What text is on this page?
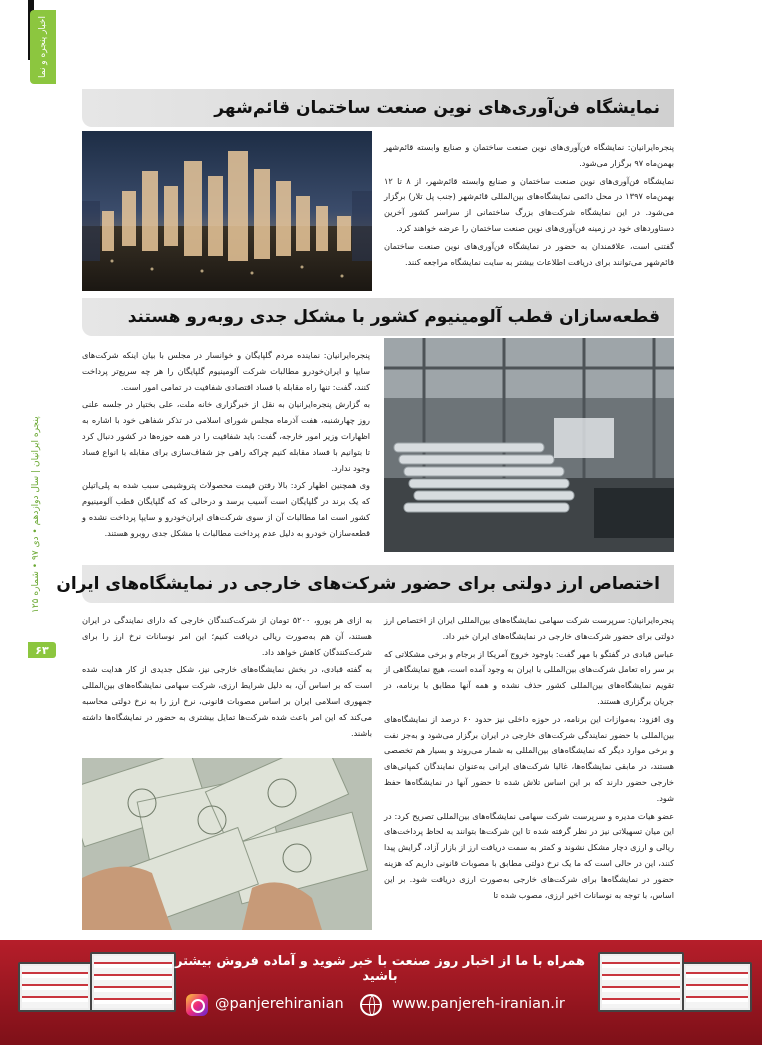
اخبار پنجره و نما
نمایشگاه فن‌آوری‌های نوین صنعت ساختمان قائم‌شهر

پنجره‌ایرانیان: نمایشگاه فن‌آوری‌های نوین صنعت ساختمان و صنایع وابسته قائم‌شهر بهمن‌ماه ۹۷ برگزار می‌شود.

نمایشگاه فن‌آوری‌های نوین صنعت ساختمان و صنایع وابسته قائم‌شهر، از ۸ تا ۱۲ بهمن‌ماه ۱۳۹۷ در محل دائمی نمایشگاه‌های بین‌المللی قائم‌شهر (جنب پل تلار) برگزار می‌شود. در این نمایشگاه شرکت‌های بزرگ ساختمانی از سراسر کشور آخرین دستاوردهای خود در زمینه فن‌آوری‌های نوین صنعت ساختمان را عرضه خواهند کرد.

گفتنی است، علاقمندان به حضور در نمایشگاه فن‌آوری‌های نوین صنعت ساختمان قائم‌شهر می‌توانند برای دریافت اطلاعات بیشتر به سایت نمایشگاه مراجعه کنند.

قطعه‌سازان قطب آلومینیوم کشور با مشکل جدی روبه‌رو هستند

پنجره‌ایرانیان: نماینده مردم گلپایگان و خوانسار در مجلس با بیان اینکه شرکت‌های سایپا و ایران‌خودرو مطالبات شرکت آلومینیوم گلپایگان را هر چه سریع‌تر پرداخت کنند، گفت: تنها راه مقابله با فساد اقتصادی شفافیت در تمامی امور است.

به گزارش پنجره‌ایرانیان به نقل از خبرگزاری خانه ملت، علی بختیار در جلسه علنی روز چهارشنبه، هفت آذرماه مجلس شورای اسلامی در تذکر شفاهی خود با اشاره به اظهارات وزیر امور خارجه، گفت: باید شفافیت را در همه حوزه‌ها در کشور دنبال کرد تا بتوانیم با فساد مقابله کنیم چراکه راهی جز شفاف‌سازی برای مقابله با انواع فساد وجود ندارد.

وی همچنین اظهار کرد: بالا رفتن قیمت محصولات پتروشیمی سبب شده به پلی‌اتیلن که یک برند در گلپایگان است آسیب برسد و درحالی که که گلپایگان قطب آلومینیوم کشور است اما مطالبات آن از سوی شرکت‌های ایران‌خودرو و سایپا پرداخت نشده و قطعه‌سازان خودرو به دلیل عدم پرداخت مطالبات با مشکل جدی روبرو هستند.

اختصاص ارز دولتی برای حضور شرکت‌های خارجی در نمایشگاه‌های ایران

پنجره‌ایرانیان: سرپرست شرکت سهامی نمایشگاه‌های بین‌المللی ایران از اختصاص ارز دولتی برای حضور شرکت‌های خارجی در نمایشگاه‌های ایران خبر داد.

عباس قبادی در گفتگو با مهر گفت: باوجود خروج آمریکا از برجام و برخی مشکلاتی که بر سر راه تعامل شرکت‌های بین‌المللی با ایران به وجود آمده است، هیچ نمایشگاهی از تقویم نمایشگاه‌های بین‌المللی کشور حذف نشده و همه آنها مطابق با برنامه، در جریان برگزاری هستند.

وی افزود: به‌موازات این برنامه، در حوزه داخلی نیز حدود ۶۰ درصد از نمایشگاه‌های بین‌المللی با حضور نمایندگی شرکت‌های خارجی در ایران برگزار می‌شود و به‌جز نفت و برخی موارد دیگر که نمایشگاه‌های بین‌المللی به شمار می‌روند و بسیار هم تخصصی هستند، در مابقی نمایشگاه‌ها، غالبا شرکت‌های ایرانی به‌عنوان نمایندگان کمپانی‌های خارجی حضور دارند که بر این اساس تلاش شده تا حضور آنها در نمایشگاه‌ها حفظ شود.

عضو هیات مدیره و سرپرست شرکت سهامی نمایشگاه‌های بین‌المللی تصریح کرد: در این میان تسهیلاتی نیز در نظر گرفته شده تا این شرکت‌ها بتوانند به لحاظ پرداخت‌های ریالی و ارزی دچار مشکل نشوند و کمتر به سمت دریافت ارز از بازار آزاد، گرایش پیدا کنند، این در حالی است که ما یک نرخ دولتی مطابق با مصوبات قانونی داریم که هزینه حضور در نمایشگاه‌ها برای شرکت‌های خارجی به‌صورت ارزی دریافت شود. بر این اساس، با توجه به نوسانات اخیر ارزی، مصوب شده تا

به ازای هر یورو، ۵۲۰۰ تومان از شرکت‌کنندگان خارجی که دارای نمایندگی در ایران هستند، آن هم به‌صورت ریالی دریافت کنیم؛ این امر نوسانات نرخ ارز را برای شرکت‌کنندگان کاهش خواهد داد.

به گفته قبادی، در بخش نمایشگاه‌های خارجی نیز، شکل جدیدی از کار هدایت شده است که بر اساس آن، به دلیل شرایط ارزی، شرکت سهامی نمایشگاه‌های بین‌المللی جمهوری اسلامی ایران بر اساس مصوبات قانونی، نرخ ارز را به نرخ دولتی محاسبه می‌کند که این امر باعث شده شرکت‌ها تمایل بیشتری به حضور در نمایشگاه‌ها داشته باشند.

پنجره ایرانیان | سال دوازدهم • دی ۹۷ • شماره ۱۲۵
۶۳
همراه با ما از اخبار روز صنعت با خبر شوید و آماده فروش بیشتر باشید
@panjerehiranian	www.panjereh-iranian.ir
